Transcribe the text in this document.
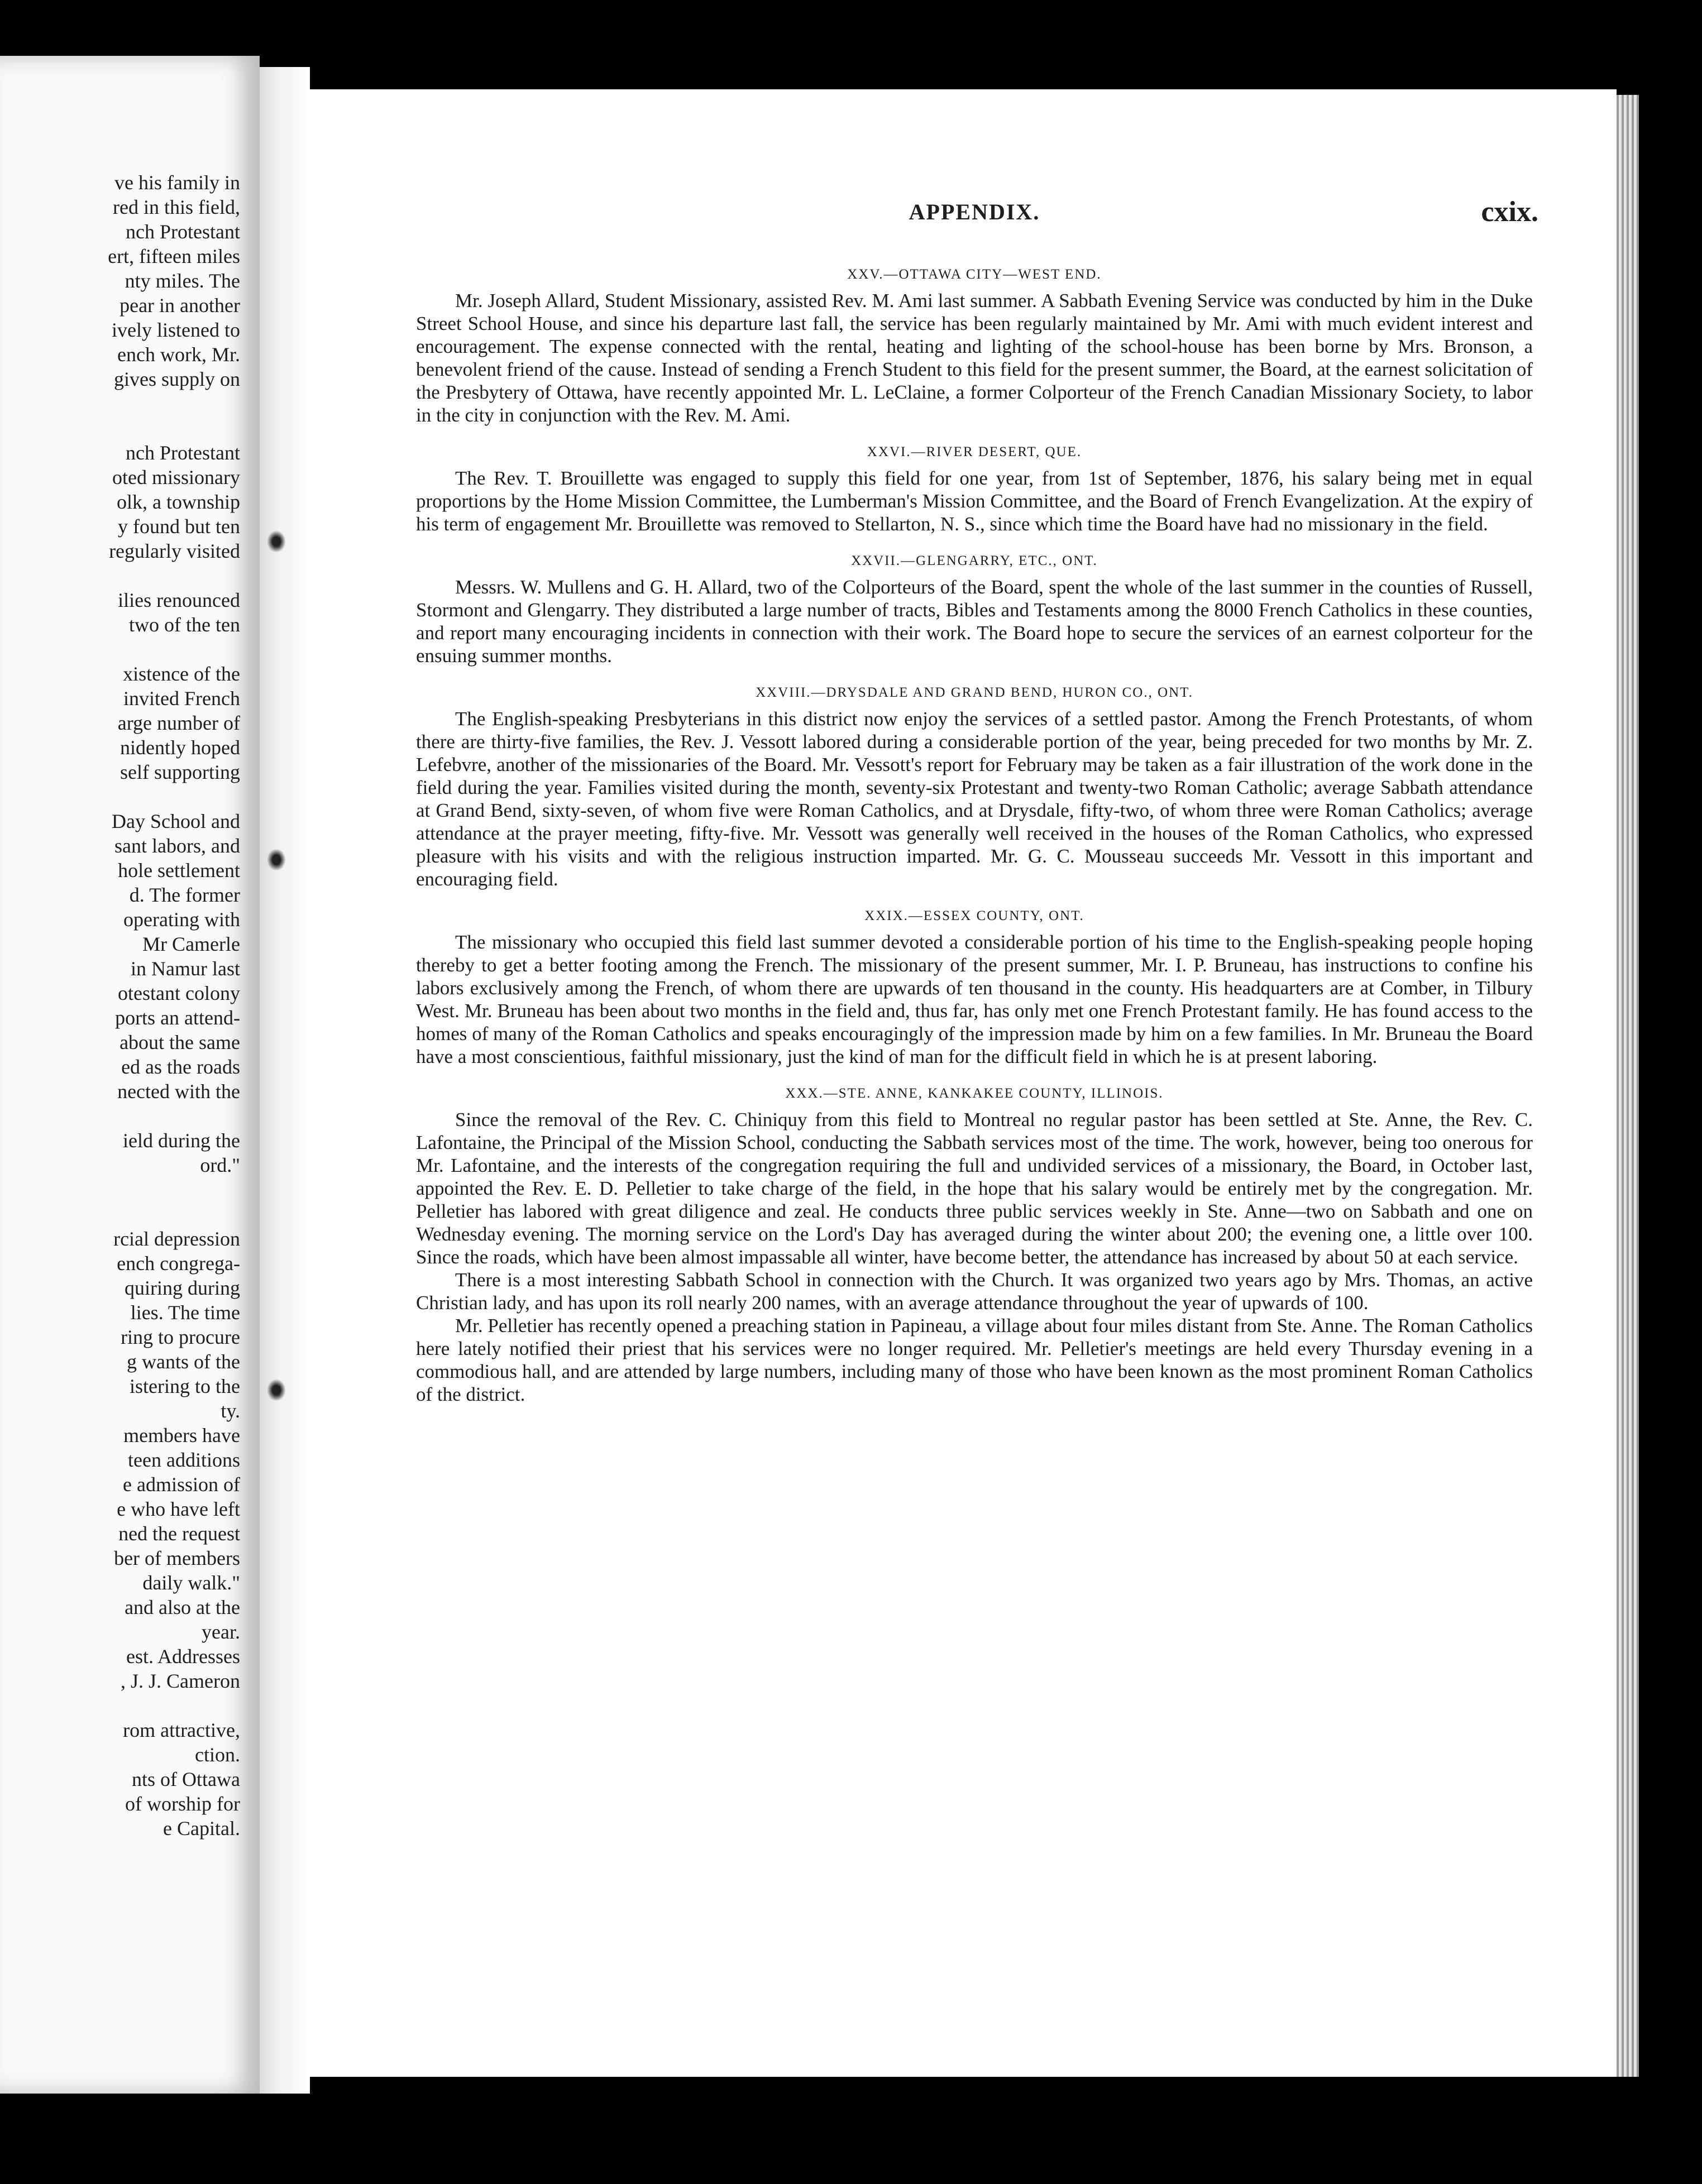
ve his family in
red in this field,
nch Protestant
ert, fifteen miles
nty miles. The
pear in another
ively listened to
ench work, Mr.
gives supply on
nch Protestant
oted missionary
olk, a township
y found but ten
regularly visited
ilies renounced
two of the ten
xistence of the
invited French
arge number of
nidently hoped
self supporting
Day School and
sant labors, and
hole settlement
d. The former
operating with
Mr Camerle
in Namur last
otestant colony
ports an attend-
about the same
ed as the roads
nected with the
ield during the
ord."
rcial depression
ench congrega-
quiring during
lies. The time
ring to procure
g wants of the
istering to the
ty.
members have
teen additions
e admission of
e who have left
ned the request
ber of members
daily walk."
and also at the
year.
est. Addresses
, J. J. Cameron
rom attractive,
ction.
nts of Ottawa
of worship for
e Capital.
APPENDIX.	cxix.
XXV.—OTTAWA CITY—WEST END.

Mr. Joseph Allard, Student Missionary, assisted Rev. M. Ami last summer. A Sabbath Evening Service was conducted by him in the Duke Street School House, and since his departure last fall, the service has been regularly maintained by Mr. Ami with much evident interest and encouragement. The expense connected with the rental, heating and lighting of the school-house has been borne by Mrs. Bronson, a benevolent friend of the cause. Instead of sending a French Student to this field for the present summer, the Board, at the earnest solicitation of the Presbytery of Ottawa, have recently appointed Mr. L. LeClaine, a former Colporteur of the French Canadian Missionary Society, to labor in the city in conjunction with the Rev. M. Ami.

XXVI.—RIVER DESERT, QUE.

The Rev. T. Brouillette was engaged to supply this field for one year, from 1st of September, 1876, his salary being met in equal proportions by the Home Mission Committee, the Lumberman's Mission Committee, and the Board of French Evangelization. At the expiry of his term of engagement Mr. Brouillette was removed to Stellarton, N. S., since which time the Board have had no missionary in the field.

XXVII.—GLENGARRY, ETC., ONT.

Messrs. W. Mullens and G. H. Allard, two of the Colporteurs of the Board, spent the whole of the last summer in the counties of Russell, Stormont and Glengarry. They distributed a large number of tracts, Bibles and Testaments among the 8000 French Catholics in these counties, and report many encouraging incidents in connection with their work. The Board hope to secure the services of an earnest colporteur for the ensuing summer months.

XXVIII.—DRYSDALE AND GRAND BEND, HURON CO., ONT.

The English-speaking Presbyterians in this district now enjoy the services of a settled pastor. Among the French Protestants, of whom there are thirty-five families, the Rev. J. Vessott labored during a considerable portion of the year, being preceded for two months by Mr. Z. Lefebvre, another of the missionaries of the Board. Mr. Vessott's report for February may be taken as a fair illustration of the work done in the field during the year. Families visited during the month, seventy-six Protestant and twenty-two Roman Catholic; average Sabbath attendance at Grand Bend, sixty-seven, of whom five were Roman Catholics, and at Drysdale, fifty-two, of whom three were Roman Catholics; average attendance at the prayer meeting, fifty-five. Mr. Vessott was generally well received in the houses of the Roman Catholics, who expressed pleasure with his visits and with the religious instruction imparted. Mr. G. C. Mousseau succeeds Mr. Vessott in this important and encouraging field.

XXIX.—ESSEX COUNTY, ONT.

The missionary who occupied this field last summer devoted a considerable portion of his time to the English-speaking people hoping thereby to get a better footing among the French. The missionary of the present summer, Mr. I. P. Bruneau, has instructions to confine his labors exclusively among the French, of whom there are upwards of ten thousand in the county. His headquarters are at Comber, in Tilbury West. Mr. Bruneau has been about two months in the field and, thus far, has only met one French Protestant family. He has found access to the homes of many of the Roman Catholics and speaks encouragingly of the impression made by him on a few families. In Mr. Bruneau the Board have a most conscientious, faithful missionary, just the kind of man for the difficult field in which he is at present laboring.

XXX.—STE. ANNE, KANKAKEE COUNTY, ILLINOIS.

Since the removal of the Rev. C. Chiniquy from this field to Montreal no regular pastor has been settled at Ste. Anne, the Rev. C. Lafontaine, the Principal of the Mission School, conducting the Sabbath services most of the time. The work, however, being too onerous for Mr. Lafontaine, and the interests of the congregation requiring the full and undivided services of a missionary, the Board, in October last, appointed the Rev. E. D. Pelletier to take charge of the field, in the hope that his salary would be entirely met by the congregation. Mr. Pelletier has labored with great diligence and zeal. He conducts three public services weekly in Ste. Anne—two on Sabbath and one on Wednesday evening. The morning service on the Lord's Day has averaged during the winter about 200; the evening one, a little over 100. Since the roads, which have been almost impassable all winter, have become better, the attendance has increased by about 50 at each service.

There is a most interesting Sabbath School in connection with the Church. It was organized two years ago by Mrs. Thomas, an active Christian lady, and has upon its roll nearly 200 names, with an average attendance throughout the year of upwards of 100.

Mr. Pelletier has recently opened a preaching station in Papineau, a village about four miles distant from Ste. Anne. The Roman Catholics here lately notified their priest that his services were no longer required. Mr. Pelletier's meetings are held every Thursday evening in a commodious hall, and are attended by large numbers, including many of those who have been known as the most prominent Roman Catholics of the district.
